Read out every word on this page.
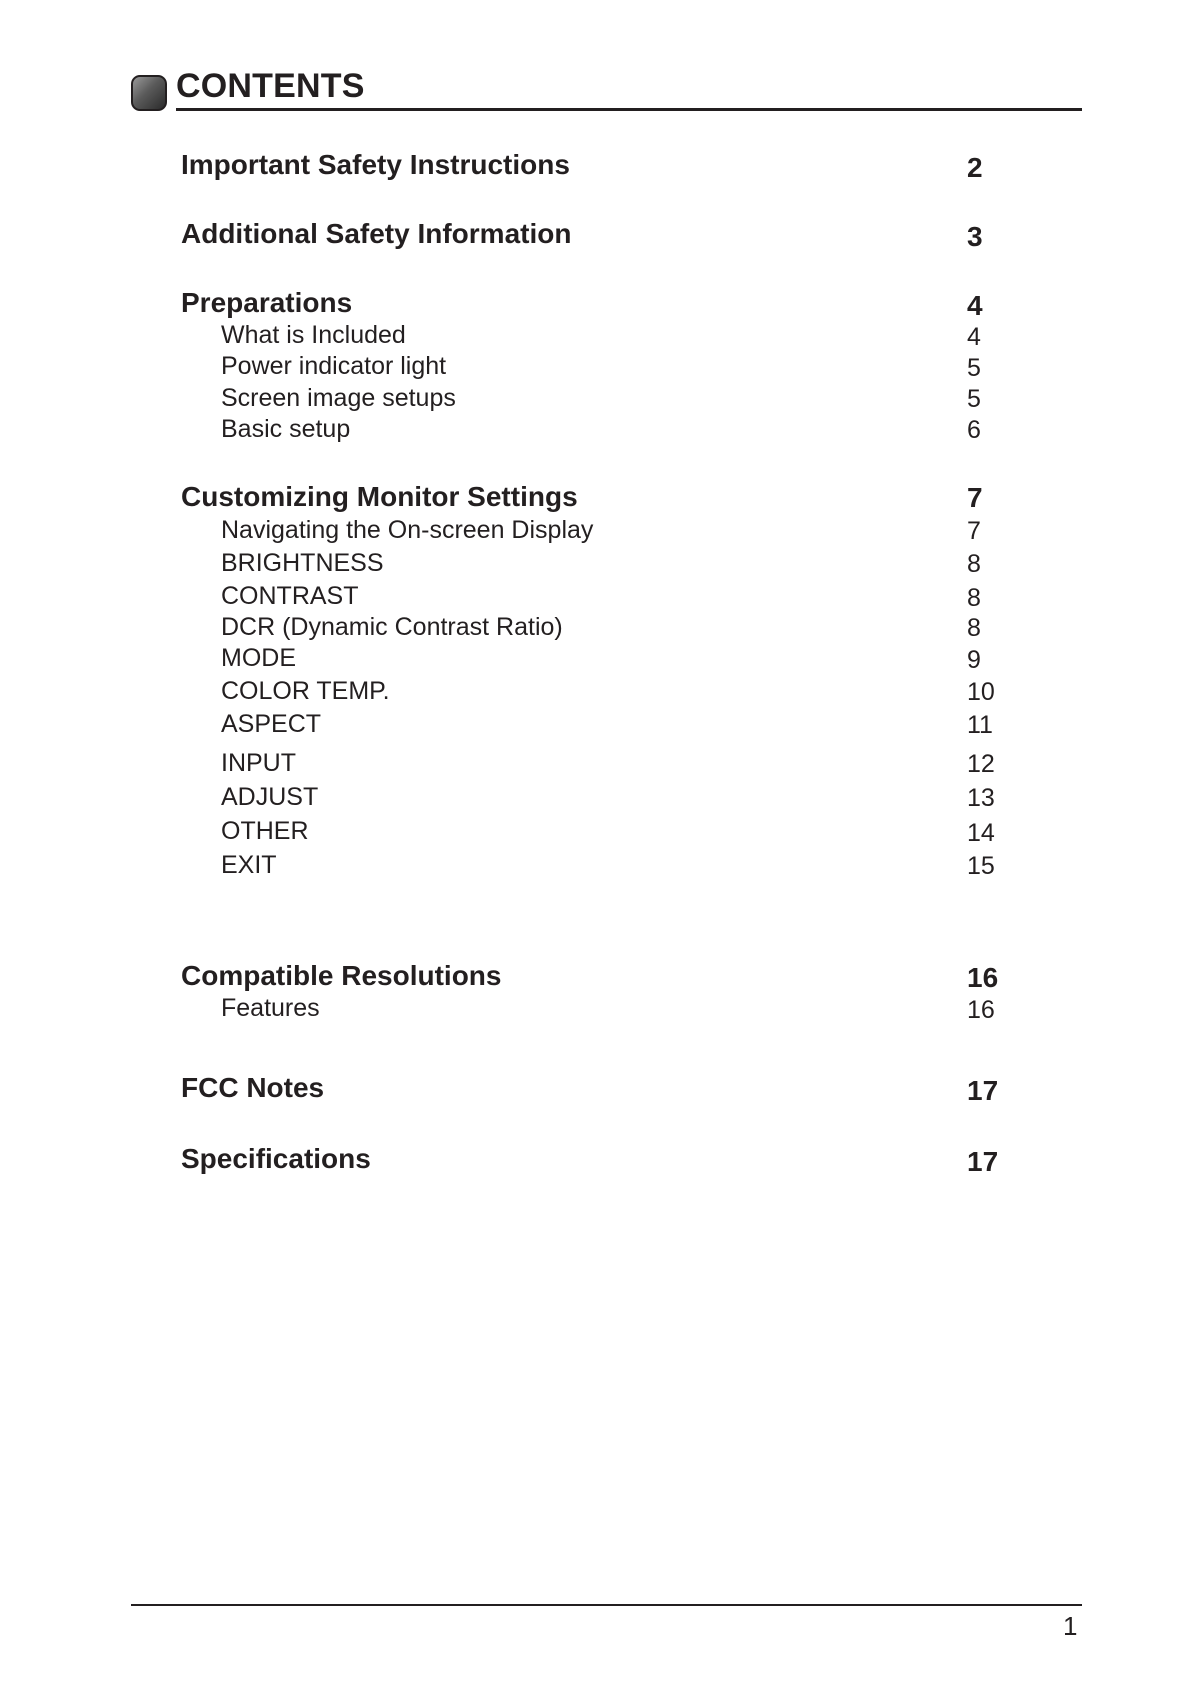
CONTENTS
Important Safety Instructions	2
Additional Safety Information	3
Preparations	4
What is Included	4
Power indicator light	5
Screen image setups	5
Basic setup	6
Customizing Monitor Settings	7
Navigating the On-screen Display	7
BRIGHTNESS	8
CONTRAST	8
DCR (Dynamic Contrast Ratio)	8
MODE	9
COLOR TEMP.	10
ASPECT	11
INPUT	12
ADJUST	13
OTHER	14
EXIT	15
Compatible Resolutions	16
Features	16
FCC Notes	17
Specifications	17
1
